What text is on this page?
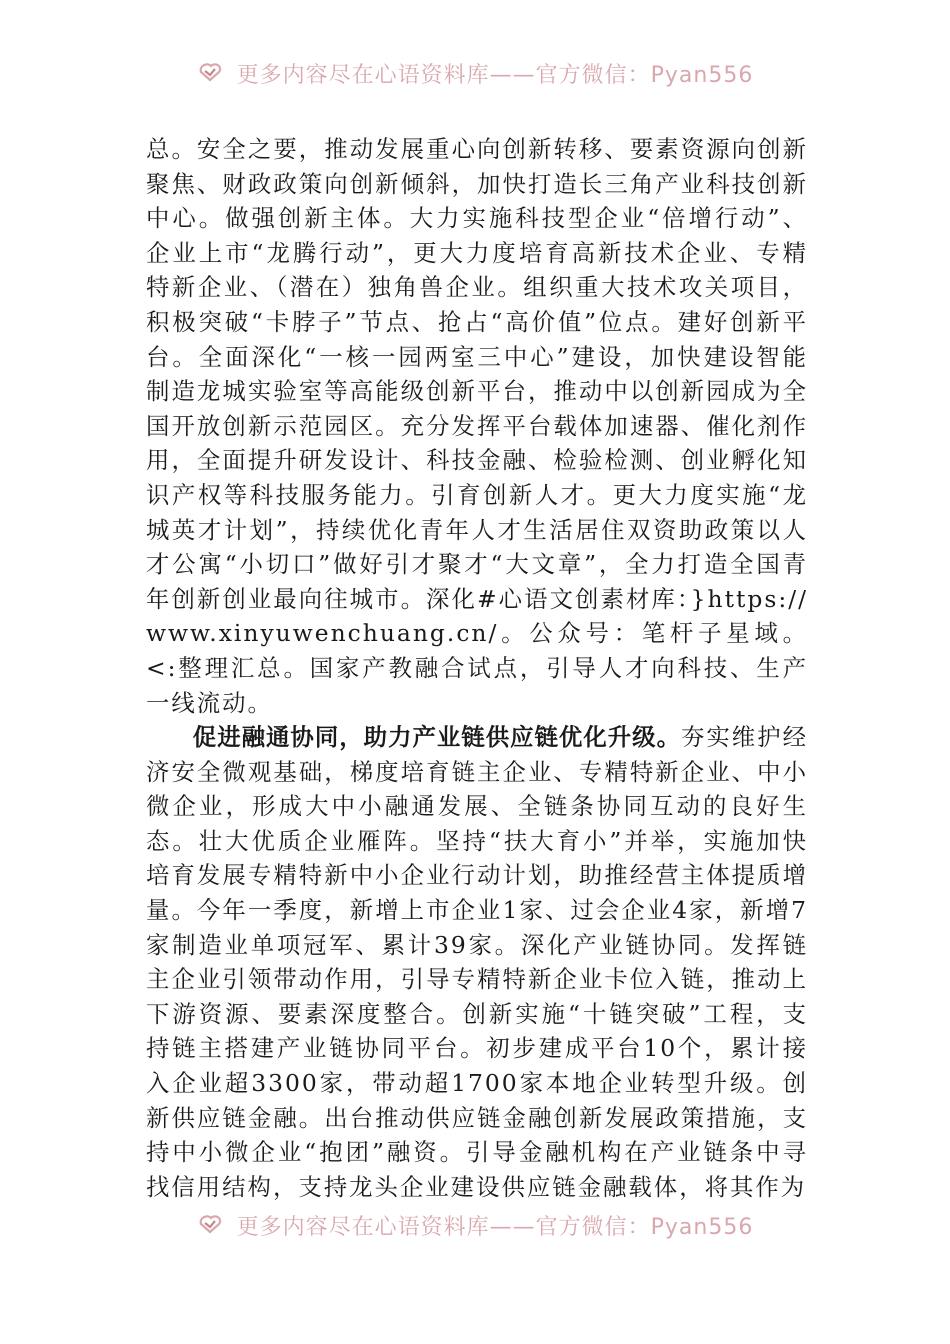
更多内容尽在心语资料库——官方微信：Pyan556

总。安全之要，推动发展重心向创新转移、要素资源向创新聚焦、财政政策向创新倾斜，加快打造长三角产业科技创新中心。做强创新主体。大力实施科技型企业“倍增行动”、企业上市“龙腾行动”，更大力度培育高新技术企业、专精特新企业、（潜在）独角兽企业。组织重大技术攻关项目，积极突破“卡脖子”节点、抢占“高价值”位点。建好创新平台。全面深化“一核一园两室三中心”建设，加快建设智能制造龙城实验室等高能级创新平台，推动中以创新园成为全国开放创新示范园区。充分发挥平台载体加速器、催化剂作用，全面提升研发设计、科技金融、检验检测、创业孵化知识产权等科技服务能力。引育创新人才。更大力度实施“龙城英才计划”，持续优化青年人才生活居住双资助政策以人才公寓“小切口”做好引才聚才“大文章”，全力打造全国青年创新创业最向往城市。深化#心语文创素材库：}https://www.xinyuwenchuang.cn/。公众号：笔杆子星域。<:整理汇总。国家产教融合试点，引导人才向科技、生产一线流动。

促进融通协同，助力产业链供应链优化升级。夯实维护经济安全微观基础，梯度培育链主企业、专精特新企业、中小微企业，形成大中小融通发展、全链条协同互动的良好生态。壮大优质企业雁阵。坚持“扶大育小”并举，实施加快培育发展专精特新中小企业行动计划，助推经营主体提质增量。今年一季度，新增上市企业1家、过会企业4家，新增7家制造业单项冠军、累计39家。深化产业链协同。发挥链主企业引领带动作用，引导专精特新企业卡位入链，推动上下游资源、要素深度整合。创新实施“十链突破”工程，支持链主搭建产业链协同平台。初步建成平台10个，累计接入企业超3300家，带动超1700家本地企业转型升级。创新供应链金融。出台推动供应链金融创新发展政策措施，支持中小微企业“抱团”融资。引导金融机构在产业链条中寻找信用结构，支持龙头企业建设供应链金融载体，将其作为

更多内容尽在心语资料库——官方微信：Pyan556
